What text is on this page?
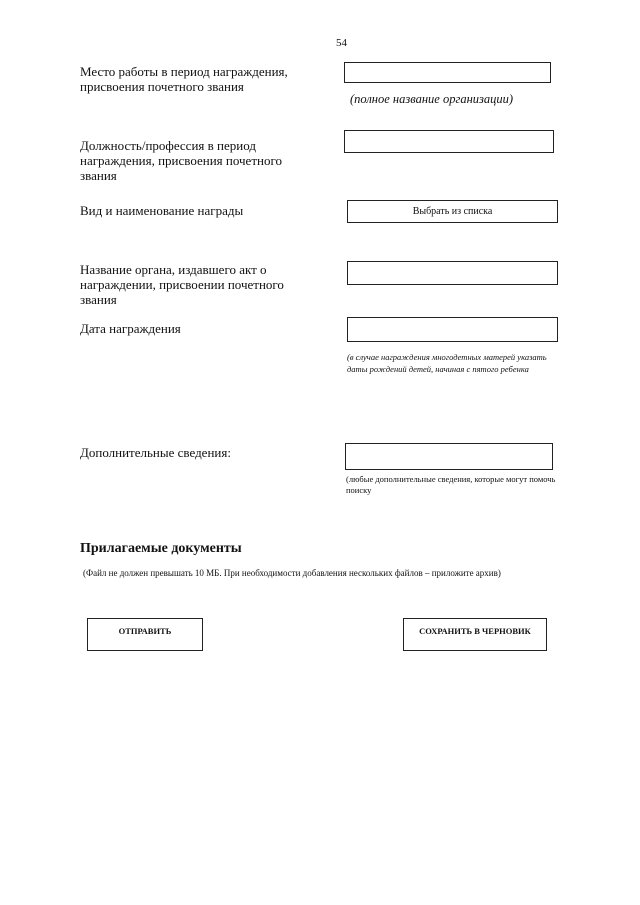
54
Место работы в период награждения, присвоения почетного звания
(полное название организации)
Должность/профессия в период награждения, присвоения почетного звания
Вид и наименование награды	Выбрать из списка
Название органа, издавшего акт о награждении, присвоении почетного звания
Дата награждения
(в случае награждения многодетных матерей указать даты рождений детей, начиная с пятого ребенка
Дополнительные сведения:
(любые дополнительные сведения, которые могут помочь поиску
Прилагаемые документы
(Файл не должен превышать 10 МБ. При необходимости добавления нескольких файлов – приложите архив)
ОТПРАВИТЬ	СОХРАНИТЬ В ЧЕРНОВИК
